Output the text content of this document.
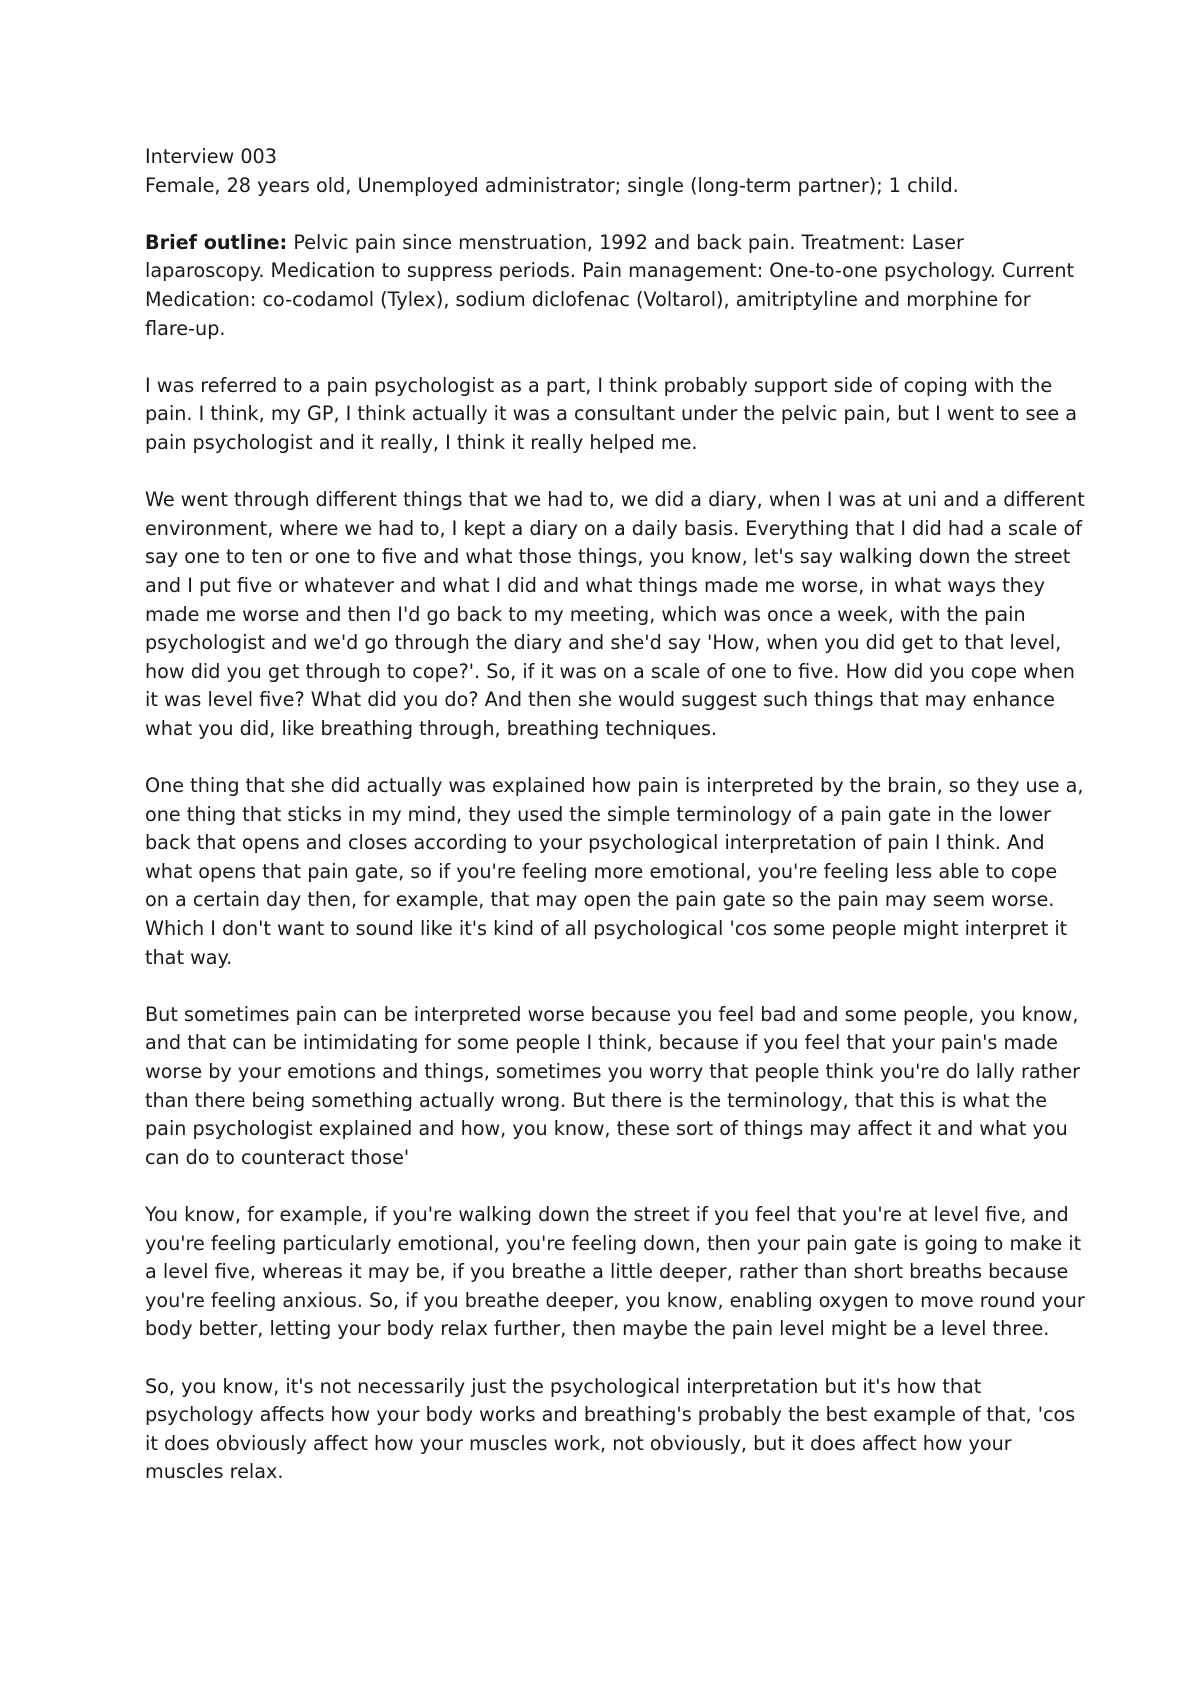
Interview 003
Female, 28 years old, Unemployed administrator; single (long-term partner); 1 child.

Brief outline: Pelvic pain since menstruation, 1992 and back pain. Treatment: Laser laparoscopy. Medication to suppress periods. Pain management: One-to-one psychology. Current Medication: co-codamol (Tylex), sodium diclofenac (Voltarol), amitriptyline and morphine for flare-up.

I was referred to a pain psychologist as a part, I think probably support side of coping with the pain. I think, my GP, I think actually it was a consultant under the pelvic pain, but I went to see a pain psychologist and it really, I think it really helped me.

We went through different things that we had to, we did a diary, when I was at uni and a different environment, where we had to, I kept a diary on a daily basis. Everything that I did had a scale of say one to ten or one to five and what those things, you know, let's say walking down the street and I put five or whatever and what I did and what things made me worse, in what ways they made me worse and then I'd go back to my meeting, which was once a week, with the pain psychologist and we'd go through the diary and she'd say 'How, when you did get to that level, how did you get through to cope?'. So, if it was on a scale of one to five. How did you cope when it was level five? What did you do? And then she would suggest such things that may enhance what you did, like breathing through, breathing techniques.

One thing that she did actually was explained how pain is interpreted by the brain, so they use a, one thing that sticks in my mind, they used the simple terminology of a pain gate in the lower back that opens and closes according to your psychological interpretation of pain I think. And what opens that pain gate, so if you're feeling more emotional, you're feeling less able to cope on a certain day then, for example, that may open the pain gate so the pain may seem worse. Which I don't want to sound like it's kind of all psychological 'cos some people might interpret it that way.

But sometimes pain can be interpreted worse because you feel bad and some people, you know, and that can be intimidating for some people I think, because if you feel that your pain's made worse by your emotions and things, sometimes you worry that people think you're do lally rather than there being something actually wrong. But there is the terminology, that this is what the pain psychologist explained and how, you know, these sort of things may affect it and what you can do to counteract those'

You know, for example, if you're walking down the street if you feel that you're at level five, and you're feeling particularly emotional, you're feeling down, then your pain gate is going to make it a level five, whereas it may be, if you breathe a little deeper, rather than short breaths because you're feeling anxious. So, if you breathe deeper, you know, enabling oxygen to move round your body better, letting your body relax further, then maybe the pain level might be a level three.

So, you know, it's not necessarily just the psychological interpretation but it's how that psychology affects how your body works and breathing's probably the best example of that, 'cos it does obviously affect how your muscles work, not obviously, but it does affect how your muscles relax.
